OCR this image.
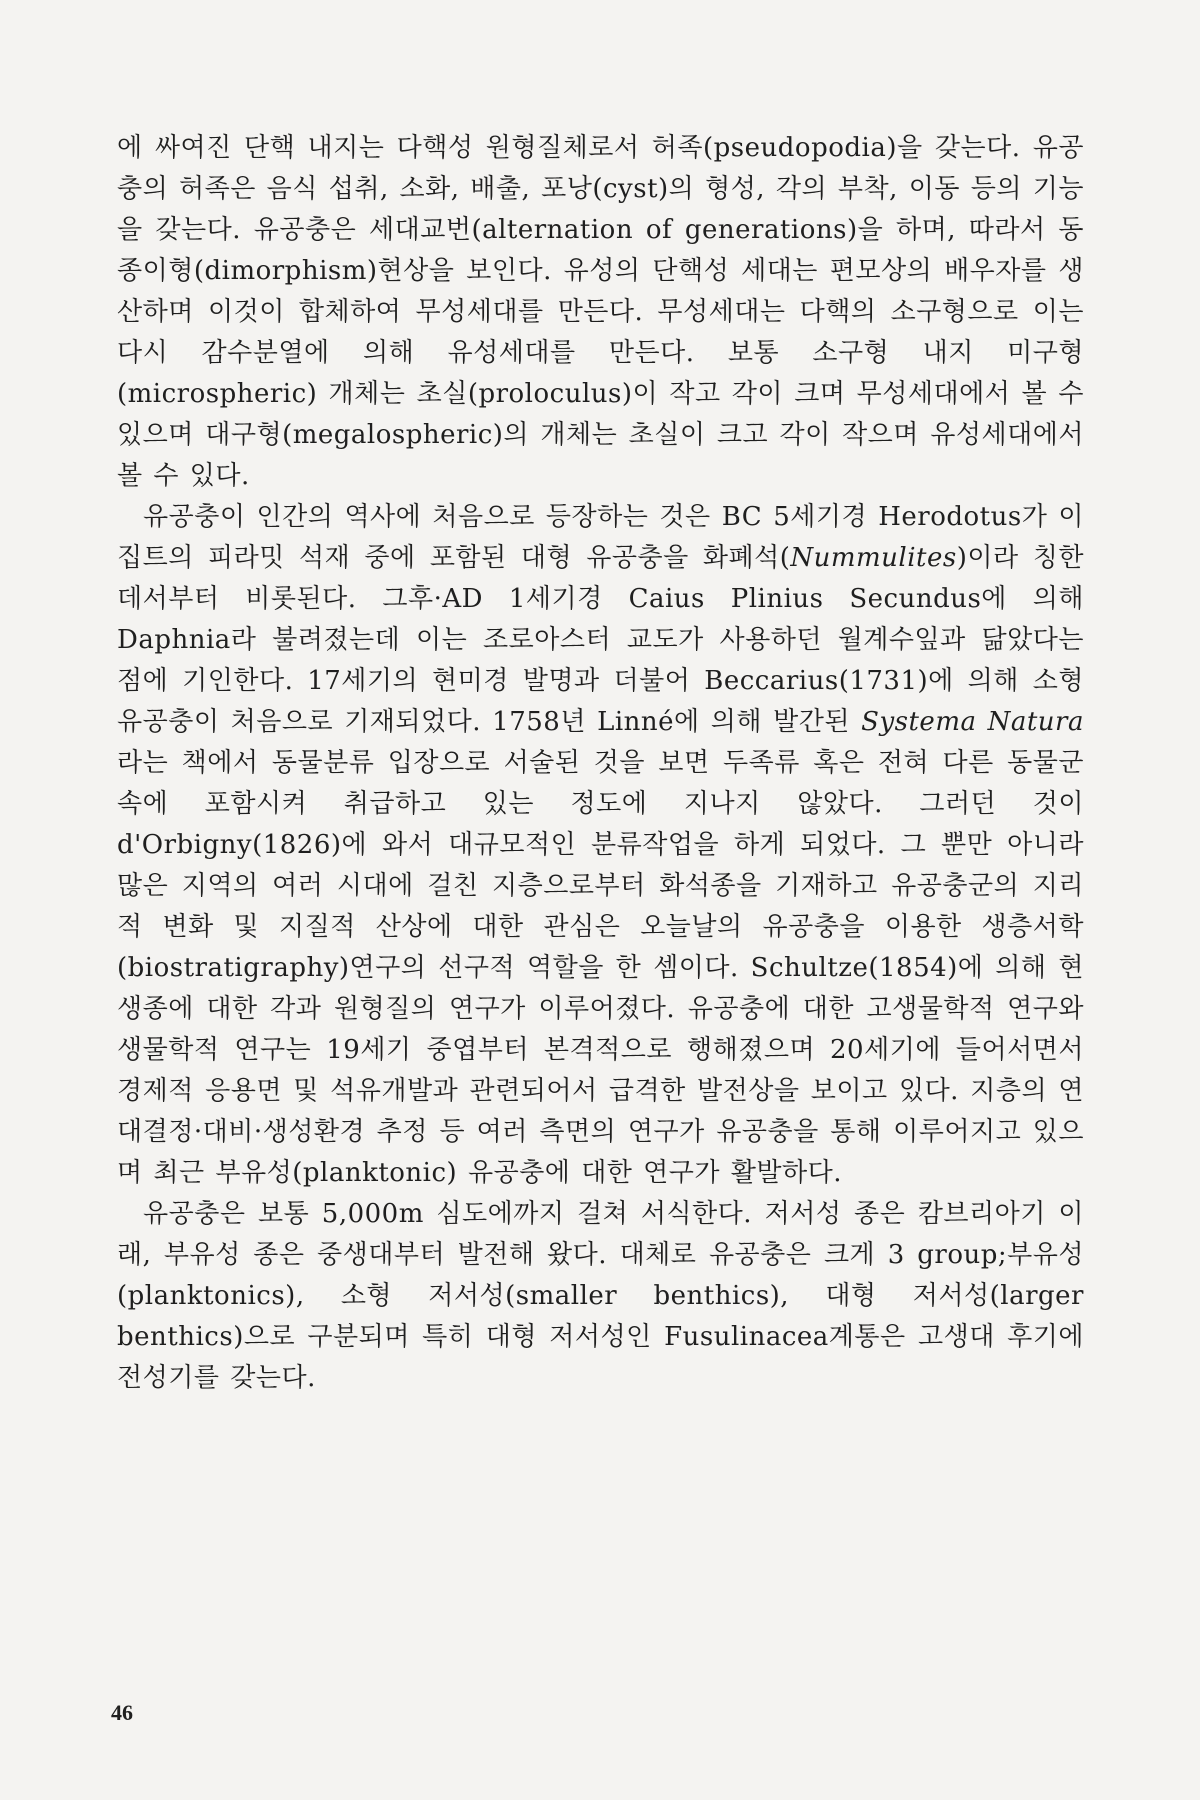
에 싸여진 단핵 내지는 다핵성 원형질체로서 허족(pseudopodia)을 갖는다. 유공충의 허족은 음식 섭취, 소화, 배출, 포낭(cyst)의 형성, 각의 부착, 이동 등의 기능을 갖는다. 유공충은 세대교번(alternation of generations)을 하며, 따라서 동종이형(dimorphism)현상을 보인다. 유성의 단핵성 세대는 편모상의 배우자를 생산하며 이것이 합체하여 무성세대를 만든다. 무성세대는 다핵의 소구형으로 이는 다시 감수분열에 의해 유성세대를 만든다. 보통 소구형 내지 미구형(microspheric) 개체는 초실(proloculus)이 작고 각이 크며 무성세대에서 볼 수 있으며 대구형(megalospheric)의 개체는 초실이 크고 각이 작으며 유성세대에서 볼 수 있다.

유공충이 인간의 역사에 처음으로 등장하는 것은 BC 5세기경 Herodotus가 이집트의 피라밋 석재 중에 포함된 대형 유공충을 화폐석(Nummulites)이라 칭한 데서부터 비롯된다. 그후·AD 1세기경 Caius Plinius Secundus에 의해 Daphnia라 불려졌는데 이는 조로아스터 교도가 사용하던 월계수잎과 닮았다는 점에 기인한다. 17세기의 현미경 발명과 더불어 Beccarius(1731)에 의해 소형 유공충이 처음으로 기재되었다. 1758년 Linné에 의해 발간된 Systema Natura라는 책에서 동물분류 입장으로 서술된 것을 보면 두족류 혹은 전혀 다른 동물군 속에 포함시켜 취급하고 있는 정도에 지나지 않았다. 그러던 것이 d'Orbigny(1826)에 와서 대규모적인 분류작업을 하게 되었다. 그 뿐만 아니라 많은 지역의 여러 시대에 걸친 지층으로부터 화석종을 기재하고 유공충군의 지리적 변화 및 지질적 산상에 대한 관심은 오늘날의 유공충을 이용한 생층서학(biostratigraphy)연구의 선구적 역할을 한 셈이다. Schultze(1854)에 의해 현생종에 대한 각과 원형질의 연구가 이루어졌다. 유공충에 대한 고생물학적 연구와 생물학적 연구는 19세기 중엽부터 본격적으로 행해졌으며 20세기에 들어서면서 경제적 응용면 및 석유개발과 관련되어서 급격한 발전상을 보이고 있다. 지층의 연대결정·대비·생성환경 추정 등 여러 측면의 연구가 유공충을 통해 이루어지고 있으며 최근 부유성(planktonic) 유공충에 대한 연구가 활발하다.

유공충은 보통 5,000m 심도에까지 걸쳐 서식한다. 저서성 종은 캄브리아기 이래, 부유성 종은 중생대부터 발전해 왔다. 대체로 유공충은 크게 3 group;부유성(planktonics), 소형 저서성(smaller benthics), 대형 저서성(larger benthics)으로 구분되며 특히 대형 저서성인 Fusulinacea계통은 고생대 후기에 전성기를 갖는다.

46
